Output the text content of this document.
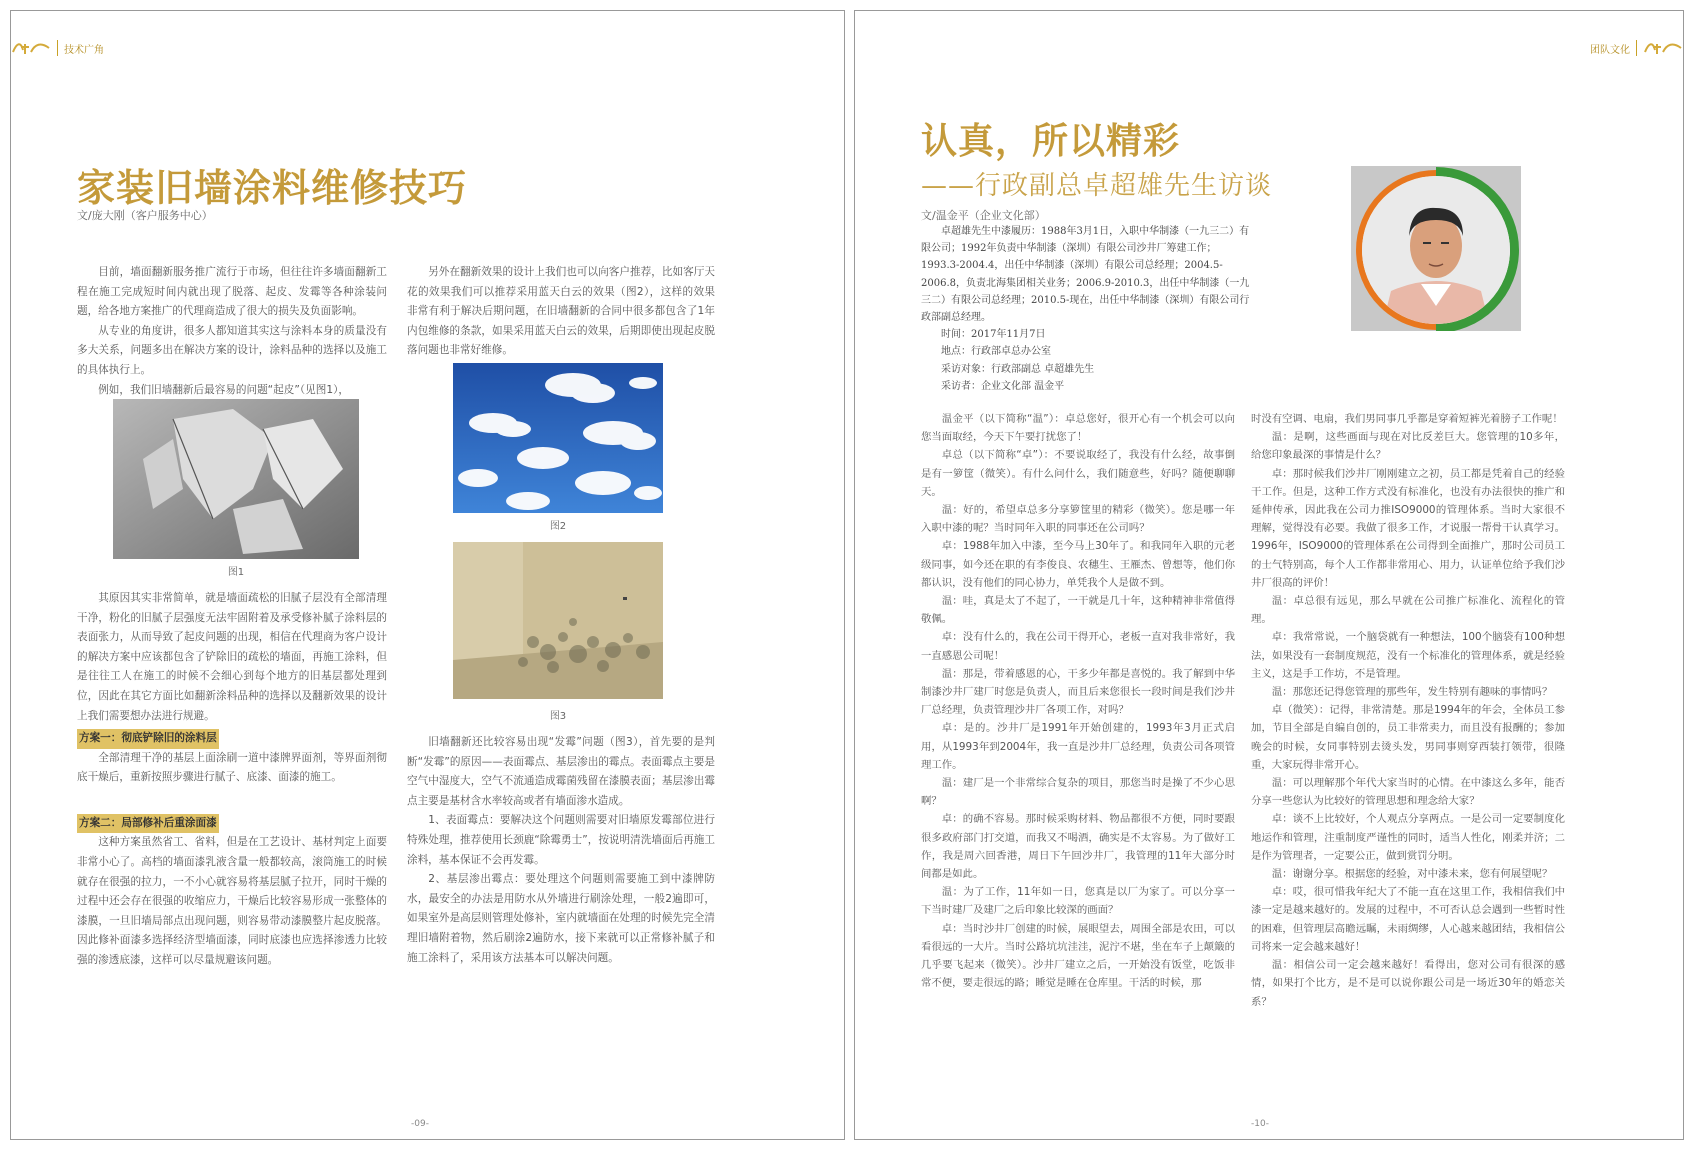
技术广角
家装旧墙涂料维修技巧
文/庞大刚（客户服务中心）

目前，墙面翻新服务推广流行于市场，但往往许多墙面翻新工程在施工完成短时间内就出现了脱落、起皮、发霉等各种涂装问题，给各地方案推广的代理商造成了很大的损失及负面影响。

从专业的角度讲，很多人都知道其实这与涂料本身的质量没有多大关系，问题多出在解决方案的设计，涂料品种的选择以及施工的具体执行上。

例如，我们旧墙翻新后最容易的问题“起皮”（见图1），

图1

其原因其实非常简单，就是墙面疏松的旧腻子层没有全部清理干净，粉化的旧腻子层强度无法牢固附着及承受修补腻子涂料层的表面张力，从而导致了起皮问题的出现，相信在代理商为客户设计的解决方案中应该都包含了铲除旧的疏松的墙面，再施工涂料，但是往往工人在施工的时候不会细心到每个地方的旧基层都处理到位，因此在其它方面比如翻新涂料品种的选择以及翻新效果的设计上我们需要想办法进行规避。

方案一：彻底铲除旧的涂料层

全部清理干净的基层上面涂刷一道中漆牌界面剂，等界面剂彻底干燥后，重新按照步骤进行腻子、底漆、面漆的施工。

方案二：局部修补后重涂面漆

这种方案虽然省工、省料，但是在工艺设计、基材判定上面要非常小心了。高档的墙面漆乳液含量一般都较高，滚筒施工的时候就存在很强的拉力，一不小心就容易将基层腻子拉开，同时干燥的过程中还会存在很强的收缩应力，干燥后比较容易形成一张整体的漆膜，一旦旧墙局部点出现问题，则容易带动漆膜整片起皮脱落。因此修补面漆多选择经济型墙面漆，同时底漆也应选择渗透力比较强的渗透底漆，这样可以尽量规避该问题。

另外在翻新效果的设计上我们也可以向客户推荐，比如客厅天花的效果我们可以推荐采用蓝天白云的效果（图2），这样的效果非常有利于解决后期问题，在旧墙翻新的合同中很多都包含了1年内包维修的条款，如果采用蓝天白云的效果，后期即使出现起皮脱落问题也非常好维修。

图2
图3

旧墙翻新还比较容易出现“发霉”问题（图3），首先要的是判断“发霉”的原因——表面霉点、基层渗出的霉点。表面霉点主要是空气中湿度大，空气不流通造成霉菌残留在漆膜表面；基层渗出霉点主要是基材含水率较高或者有墙面渗水造成。

1、表面霉点：要解决这个问题则需要对旧墙原发霉部位进行特殊处理，推荐使用长颈鹿“除霉勇士”，按说明清洗墙面后再施工涂料，基本保证不会再发霉。

2、基层渗出霉点：要处理这个问题则需要施工到中漆牌防水，最安全的办法是用防水从外墙进行刷涂处理，一般2遍即可，如果室外是高层则管理处修补，室内就墙面在处理的时候先完全清理旧墙附着物，然后刷涂2遍防水，接下来就可以正常修补腻子和施工涂料了，采用该方法基本可以解决问题。

-09-
团队文化
认真，所以精彩
——行政副总卓超雄先生访谈
文/温金平（企业文化部）

卓超雄先生中漆履历：1988年3月1日，入职中华制漆（一九三二）有限公司；1992年负责中华制漆（深圳）有限公司沙井厂筹建工作；1993.3-2004.4，出任中华制漆（深圳）有限公司总经理；2004.5-2006.8，负责北海集团相关业务；2006.9-2010.3，出任中华制漆（一九三二）有限公司总经理；2010.5-现在，出任中华制漆（深圳）有限公司行政部副总经理。

时间：2017年11月7日

地点：行政部卓总办公室

采访对象：行政部副总 卓超雄先生

采访者：企业文化部 温金平

温金平（以下简称“温”）：卓总您好，很开心有一个机会可以向您当面取经，今天下午要打扰您了！

卓总（以下简称“卓”）：不要说取经了，我没有什么经，故事倒是有一箩筐（微笑）。有什么问什么，我们随意些，好吗？随便聊聊天。

温：好的，希望卓总多分享箩筐里的精彩（微笑）。您是哪一年入职中漆的呢？当时同年入职的同事还在公司吗？

卓：1988年加入中漆，至今马上30年了。和我同年入职的元老级同事，如今还在职的有李俊良、农穗生、王雁杰、曾想等，他们你都认识，没有他们的同心协力，单凭我个人是做不到。

温：哇，真是太了不起了，一干就是几十年，这种精神非常值得敬佩。

卓：没有什么的，我在公司干得开心，老板一直对我非常好，我一直感恩公司呢！

温：那是，带着感恩的心，干多少年都是喜悦的。我了解到中华制漆沙井厂建厂时您是负责人，而且后来您很长一段时间是我们沙井厂总经理，负责管理沙井厂各项工作，对吗？

卓：是的。沙井厂是1991年开始创建的，1993年3月正式启用，从1993年到2004年，我一直是沙井厂总经理，负责公司各项管理工作。

温：建厂是一个非常综合复杂的项目，那您当时是操了不少心思啊？

卓：的确不容易。那时候采购材料、物品都很不方便，同时要跟很多政府部门打交道，而我又不喝酒，确实是不太容易。为了做好工作，我是周六回香港，周日下午回沙井厂，我管理的11年大部分时间都是如此。

温：为了工作，11年如一日，您真是以厂为家了。可以分享一下当时建厂及建厂之后印象比较深的画面？

卓：当时沙井厂创建的时候，展眼望去，周围全部是农田，可以看很远的一大片。当时公路坑坑洼洼，泥泞不堪，坐在车子上颠簸的几乎要飞起来（微笑）。沙井厂建立之后，一开始没有饭堂，吃饭非常不便，要走很远的路；睡觉是睡在仓库里。干活的时候，那

时没有空调、电扇，我们男同事几乎都是穿着短裤光着膀子工作呢！

温：是啊，这些画面与现在对比反差巨大。您管理的10多年，给您印象最深的事情是什么？

卓：那时候我们沙井厂刚刚建立之初，员工都是凭着自己的经验干工作。但是，这种工作方式没有标准化，也没有办法很快的推广和延伸传承，因此我在公司力推ISO9000的管理体系。当时大家很不理解，觉得没有必要。我做了很多工作，才说服一帮骨干认真学习。1996年，ISO9000的管理体系在公司得到全面推广，那时公司员工的士气特别高，每个人工作都非常用心、用力，认证单位给予我们沙井厂很高的评价！

温：卓总很有远见，那么早就在公司推广标准化、流程化的管理。

卓：我常常说，一个脑袋就有一种想法，100个脑袋有100种想法，如果没有一套制度规范，没有一个标准化的管理体系，就是经验主义，这是手工作坊，不是管理。

温：那您还记得您管理的那些年，发生特别有趣味的事情吗？

卓（微笑）：记得，非常清楚。那是1994年的年会，全体员工参加，节目全部是自编自创的，员工非常卖力，而且没有报酬的；参加晚会的时候，女同事特别去烫头发，男同事则穿西装打领带，很隆重，大家玩得非常开心。

温：可以理解那个年代大家当时的心情。在中漆这么多年，能否分享一些您认为比较好的管理思想和理念给大家？

卓：谈不上比较好，个人观点分享两点。一是公司一定要制度化地运作和管理，注重制度严谨性的同时，适当人性化，刚柔并济；二是作为管理者，一定要公正，做到赏罚分明。

温：谢谢分享。根据您的经验，对中漆未来，您有何展望呢？

卓：哎，很可惜我年纪大了不能一直在这里工作，我相信我们中漆一定是越来越好的。发展的过程中，不可否认总会遇到一些暂时性的困难，但管理层高瞻远瞩，未雨绸缪，人心越来越团结，我相信公司将来一定会越来越好！

温：相信公司一定会越来越好！看得出，您对公司有很深的感情，如果打个比方，是不是可以说你跟公司是一场近30年的婚恋关系？

-10-
